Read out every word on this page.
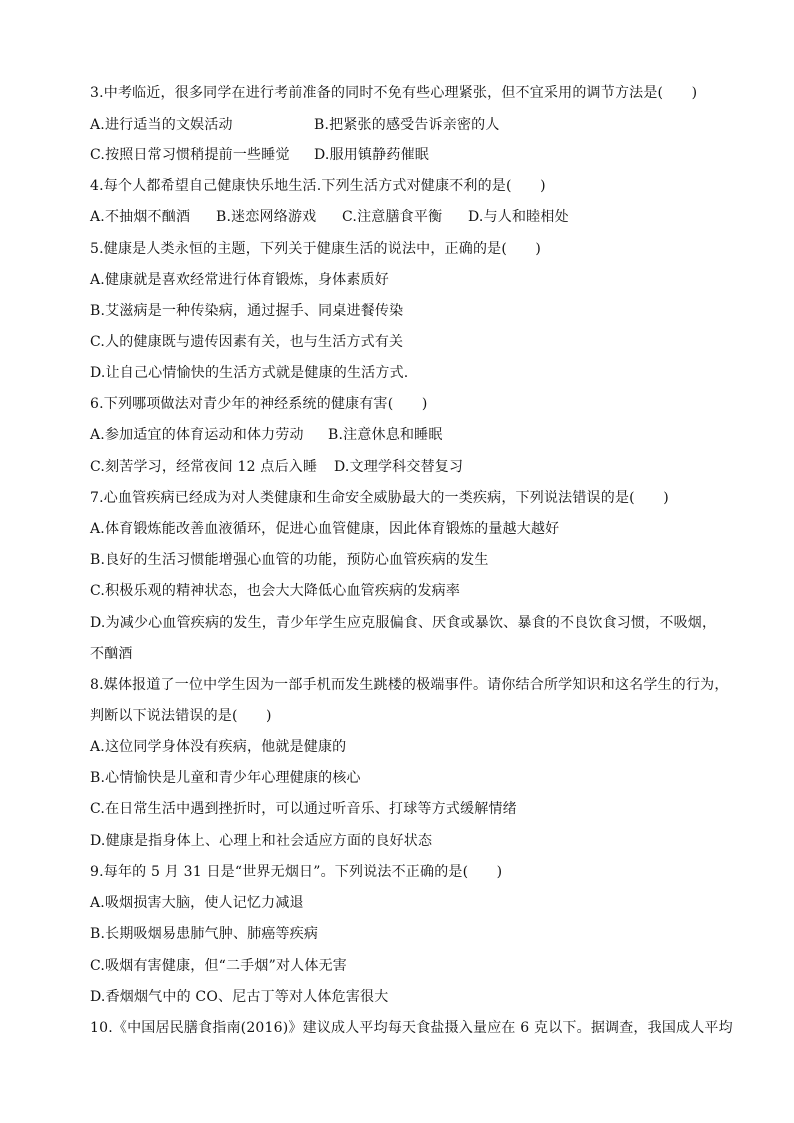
3.中考临近，很多同学在进行考前准备的同时不免有些心理紧张，但不宜采用的调节方法是(　　)
A.进行适当的文娱活动	B.把紧张的感受告诉亲密的人
C.按照日常习惯稍提前一些睡觉 D.服用镇静药催眠
4.每个人都希望自己健康快乐地生活.下列生活方式对健康不利的是(　　)
A.不抽烟不酗酒 B.迷恋网络游戏 C.注意膳食平衡 D.与人和睦相处
5.健康是人类永恒的主题，下列关于健康生活的说法中，正确的是(　　)
A.健康就是喜欢经常进行体育锻炼，身体素质好
B.艾滋病是一种传染病，通过握手、同桌进餐传染
C.人的健康既与遗传因素有关，也与生活方式有关
D.让自己心情愉快的生活方式就是健康的生活方式.
6.下列哪项做法对青少年的神经系统的健康有害(　　)
A.参加适宜的体育运动和体力劳动 B.注意休息和睡眠
C.刻苦学习，经常夜间 12 点后入睡 D.文理学科交替复习
7.心血管疾病已经成为对人类健康和生命安全威胁最大的一类疾病，下列说法错误的是(　　)
A.体育锻炼能改善血液循环，促进心血管健康，因此体育锻炼的量越大越好
B.良好的生活习惯能增强心血管的功能，预防心血管疾病的发生
C.积极乐观的精神状态，也会大大降低心血管疾病的发病率
D.为减少心血管疾病的发生，青少年学生应克服偏食、厌食或暴饮、暴食的不良饮食习惯，不吸烟，
不酗酒
8.媒体报道了一位中学生因为一部手机而发生跳楼的极端事件。请你结合所学知识和这名学生的行为，
判断以下说法错误的是(　　)
A.这位同学身体没有疾病，他就是健康的
B.心情愉快是儿童和青少年心理健康的核心
C.在日常生活中遇到挫折时，可以通过听音乐、打球等方式缓解情绪
D.健康是指身体上、心理上和社会适应方面的良好状态
9.每年的 5 月 31 日是“世界无烟日”。下列说法不正确的是(　　)
A.吸烟损害大脑，使人记忆力减退
B.长期吸烟易患肺气肿、肺癌等疾病
C.吸烟有害健康，但“二手烟”对人体无害
D.香烟烟气中的 CO、尼古丁等对人体危害很大
10.《中国居民膳食指南(2016)》建议成人平均每天食盐摄入量应在 6 克以下。据调查，我国成人平均
